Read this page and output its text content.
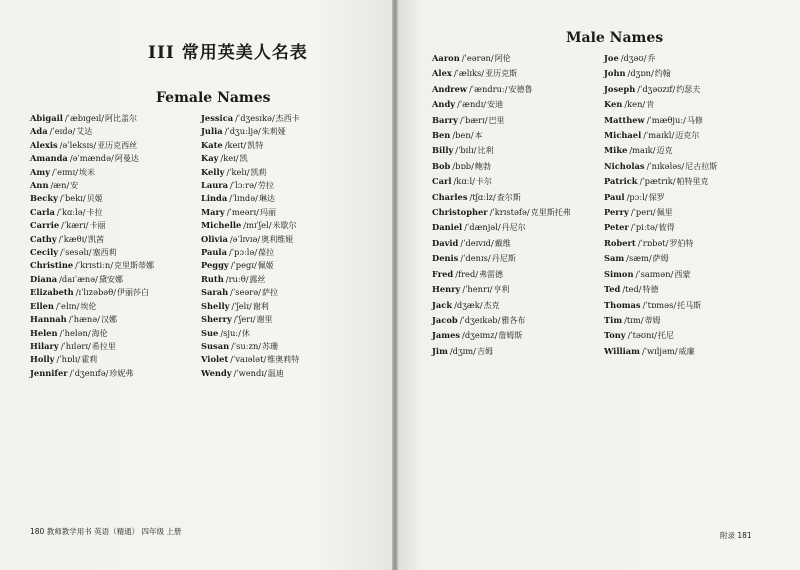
III 常用英美人名表
Female Names
Male Names
Abigail /ˈæbɪgeɪl/阿比盖尔
Ada /ˈeɪdə/艾达
Alexis /əˈleksɪs/亚历克西丝
Amanda /əˈmændə/阿曼达
Amy /ˈeɪmɪ/埃米
Ann /æn/安
Becky /ˈbekɪ/贝姬
Carla /ˈkɑːlə/卡拉
Carrie /ˈkærɪ/卡丽
Cathy /ˈkæθɪ/凯茜
Cecily /ˈsesəlɪ/塞西莉
Christine /ˈkrɪstiːn/克里斯蒂娜
Diana /daɪˈænə/黛安娜
Elizabeth /ɪˈlɪzəbəθ/伊丽莎白
Ellen /ˈelɪn/埃伦
Hannah /ˈhænə/汉娜
Helen /ˈhelən/海伦
Hilary /ˈhɪlərɪ/希拉里
Holly /ˈhɒlɪ/霍莉
Jennifer /ˈdʒenɪfə/珍妮弗
Jessica /ˈdʒesɪkə/杰西卡
Julia /ˈdʒuːljə/朱莉娅
Kate /keɪt/凯特
Kay /keɪ/凯
Kelly /ˈkelɪ/凯莉
Laura /ˈlɔːrə/劳拉
Linda /ˈlɪndə/琳达
Mary /ˈmeərɪ/玛丽
Michelle /mɪˈʃel/米歇尔
Olivia /əˈlɪvɪə/奥利维娅
Paula /ˈpɔːlə/葆拉
Peggy /ˈpegɪ/佩姬
Ruth /ruːθ/露丝
Sarah /ˈseərə/萨拉
Shelly /ˈʃelɪ/谢利
Sherry /ˈʃerɪ/谢里
Sue /sjuː/休
Susan /ˈsuːzn/苏珊
Violet /ˈvaɪələt/维奥莉特
Wendy /ˈwendɪ/温迪
Aaron /ˈeərən/阿伦
Alex /ˈælɪks/亚历克斯
Andrew /ˈændruː/安德鲁
Andy /ˈændɪ/安迪
Barry /ˈbærɪ/巴里
Ben /ben/本
Billy /ˈbɪlɪ/比利
Bob /bɒb/鲍勃
Carl /kɑːl/卡尔
Charles /tʃɑːlz/查尔斯
Christopher /ˈkrɪstəfə/克里斯托弗
Daniel /ˈdænjəl/丹尼尔
David /ˈdeɪvɪd/戴维
Denis /ˈdenɪs/丹尼斯
Fred /fred/弗雷德
Henry /ˈhenrɪ/亨利
Jack /dʒæk/杰克
Jacob /ˈdʒeɪkəb/雅各布
James /dʒeɪmz/詹姆斯
Jim /dʒɪm/吉姆
Joe /dʒəʊ/乔
John /dʒɒn/约翰
Joseph /ˈdʒəʊzɪf/约瑟夫
Ken /ken/肯
Matthew /ˈmæθjuː/马修
Michael /ˈmaɪkl/迈克尔
Mike /maɪk/迈克
Nicholas /ˈnɪkələs/尼古拉斯
Patrick /ˈpætrɪk/帕特里克
Paul /pɔːl/保罗
Perry /ˈperɪ/佩里
Peter /ˈpiːtə/彼得
Robert /ˈrɒbət/罗伯特
Sam /sæm/萨姆
Simon /ˈsaɪmən/西蒙
Ted /ted/特德
Thomas /ˈtɒməs/托马斯
Tim /tɪm/蒂姆
Tony /ˈtəʊnɪ/托尼
William /ˈwɪljəm/威廉
180 教师教学用书 英语（精通） 四年级 上册	附录 181
